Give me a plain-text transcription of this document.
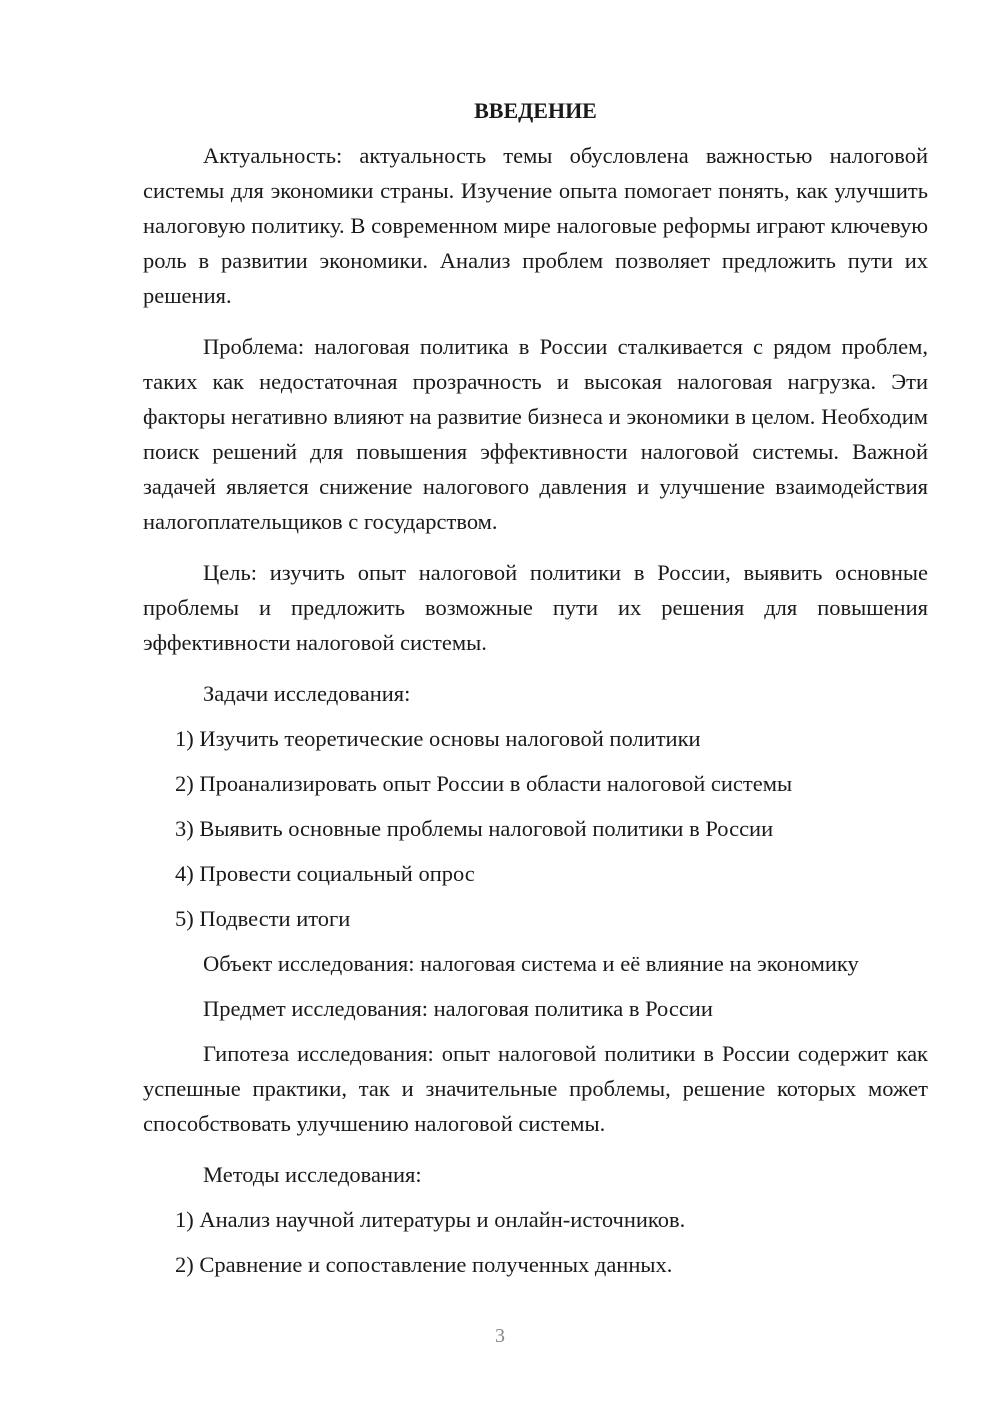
ВВЕДЕНИЕ

Актуальность: актуальность темы обусловлена важностью налоговой системы для экономики страны. Изучение опыта помогает понять, как улучшить налоговую политику. В современном мире налоговые реформы играют ключевую роль в развитии экономики. Анализ проблем позволяет предложить пути их решения.

Проблема: налоговая политика в России сталкивается с рядом проблем, таких как недостаточная прозрачность и высокая налоговая нагрузка. Эти факторы негативно влияют на развитие бизнеса и экономики в целом. Необходим поиск решений для повышения эффективности налоговой системы. Важной задачей является снижение налогового давления и улучшение взаимодействия налогоплательщиков с государством.

Цель: изучить опыт налоговой политики в России, выявить основные проблемы и предложить возможные пути их решения для повышения эффективности налоговой системы.

Задачи исследования:

1) Изучить теоретические основы налоговой политики
2) Проанализировать опыт России в области налоговой системы
3) Выявить основные проблемы налоговой политики в России
4) Провести социальный опрос
5) Подвести итоги

Объект исследования: налоговая система и её влияние на экономику

Предмет исследования: налоговая политика в России

Гипотеза исследования: опыт налоговой политики в России содержит как успешные практики, так и значительные проблемы, решение которых может способствовать улучшению налоговой системы.

Методы исследования:

1) Анализ научной литературы и онлайн-источников.
2) Сравнение и сопоставление полученных данных.
3
